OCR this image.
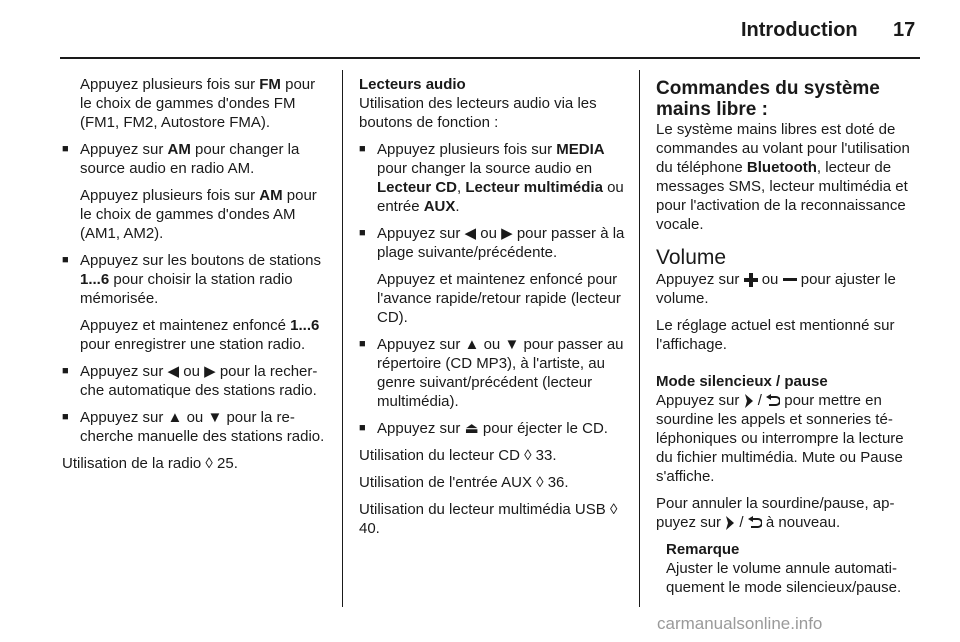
Introduction 17

Appuyez plusieurs fois sur FM pour le choix de gammes d'ondes FM (FM1, FM2, Autostore FMA).

■ Appuyez sur AM pour changer la source audio en radio AM.

Appuyez plusieurs fois sur AM pour le choix de gammes d'ondes AM (AM1, AM2).

■ Appuyez sur les boutons de stations 1...6 pour choisir la station radio mémorisée.

Appuyez et maintenez enfoncé 1...6 pour enregistrer une station radio.

■ Appuyez sur ◀ ou ▶ pour la recherche automatique des stations radio.

■ Appuyez sur ▲ ou ▼ pour la recherche manuelle des stations radio.

Utilisation de la radio ◊ 25.

Lecteurs audio

Utilisation des lecteurs audio via les boutons de fonction :

■ Appuyez plusieurs fois sur MEDIA pour changer la source audio en Lecteur CD, Lecteur multimédia ou entrée AUX.

■ Appuyez sur ◀ ou ▶ pour passer à la plage suivante/précédente.

Appuyez et maintenez enfoncé pour l'avance rapide/retour rapide (lecteur CD).

■ Appuyez sur ▲ ou ▼ pour passer au répertoire (CD MP3), à l'artiste, au genre suivant/précédent (lecteur multimédia).

■ Appuyez sur ⏏ pour éjecter le CD.

Utilisation du lecteur CD ◊ 33.

Utilisation de l'entrée AUX ◊ 36.

Utilisation du lecteur multimédia USB ◊ 40.

Commandes du système mains libre :

Le système mains libres est doté de commandes au volant pour l'utilisation du téléphone Bluetooth, lecteur de messages SMS, lecteur multimédia et pour l'activation de la reconnaissance vocale.

Volume

Appuyez sur  ou  pour ajuster le volume.

Le réglage actuel est mentionné sur l'affichage.

Mode silencieux / pause

Appuyez sur  /  pour mettre en sourdine les appels et sonneries téléphoniques ou interrompre la lecture du fichier multimédia. Mute ou Pause s'affiche.

Pour annuler la sourdine/pause, appuyez sur  /  à nouveau.

Remarque

Ajuster le volume annule automatiquement le mode silencieux/pause.

carmanualsonline.info
